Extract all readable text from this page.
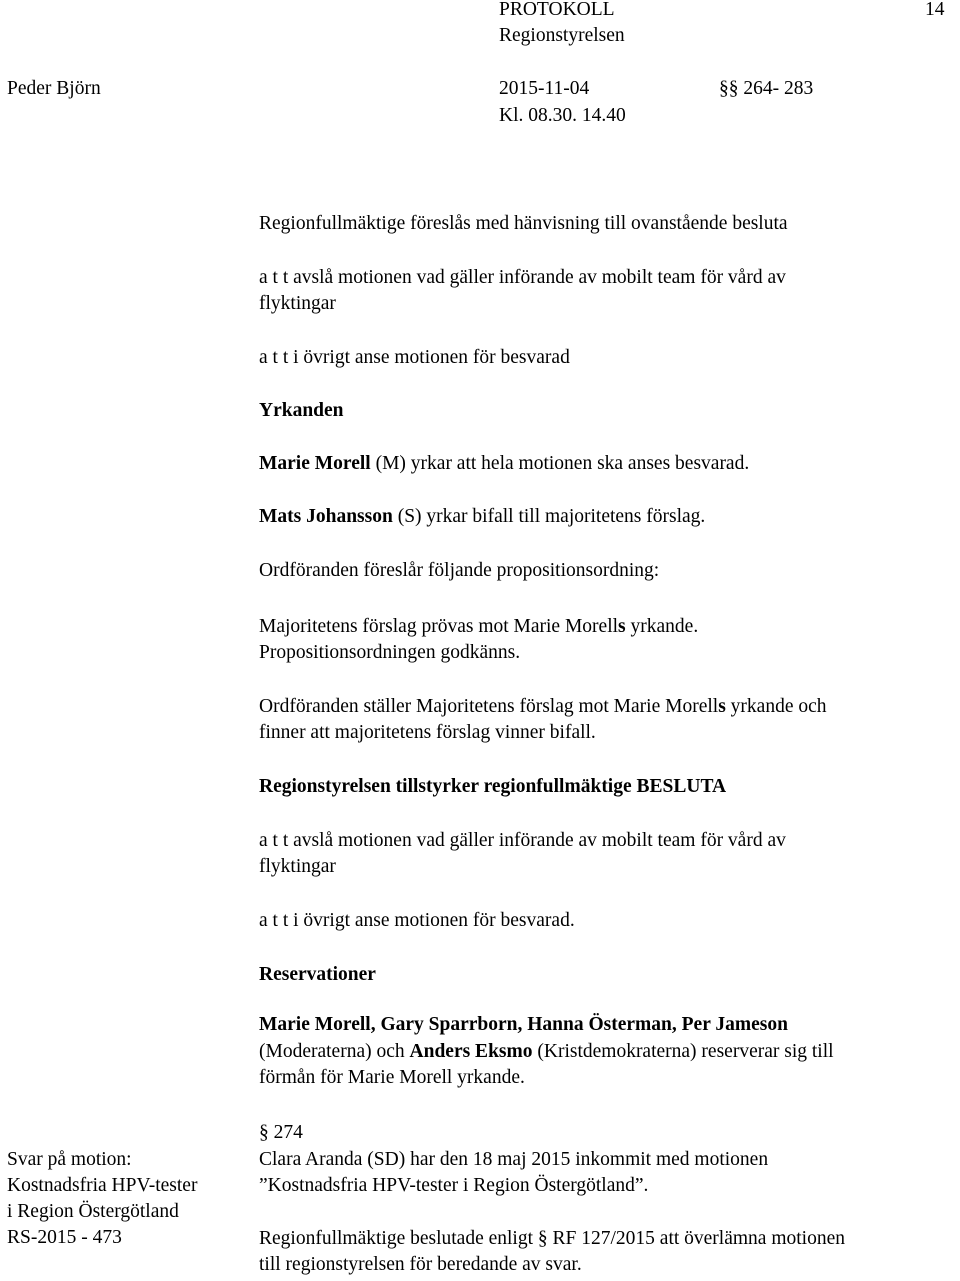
PROTOKOLL	14
Regionstyrelsen
Peder Björn	2015-11-04	§§ 264- 283
Kl. 08.30. 14.40
Regionfullmäktige föreslås med hänvisning till ovanstående besluta
a t t avslå motionen vad gäller införande av mobilt team för vård av
flyktingar
a t t i övrigt anse motionen för besvarad
Yrkanden
Marie Morell (M) yrkar att hela motionen ska anses besvarad.
Mats Johansson (S) yrkar bifall till majoritetens förslag.
Ordföranden föreslår följande propositionsordning:
Majoritetens förslag prövas mot Marie Morells yrkande.
Propositionsordningen godkänns.
Ordföranden ställer Majoritetens förslag mot Marie Morells yrkande och
finner att majoritetens förslag vinner bifall.
Regionstyrelsen tillstyrker regionfullmäktige BESLUTA
a t t avslå motionen vad gäller införande av mobilt team för vård av
flyktingar
a t t i övrigt anse motionen för besvarad.
Reservationer
Marie Morell, Gary Sparrborn, Hanna Österman, Per Jameson
(Moderaterna) och Anders Eksmo (Kristdemokraterna) reserverar sig till
förmån för Marie Morell yrkande.
§ 274
Svar på motion:
Kostnadsfria HPV-tester
i Region Östergötland
RS-2015 - 473
Clara Aranda (SD) har den 18 maj 2015 inkommit med motionen
”Kostnadsfria HPV-tester i Region Östergötland”.
Regionfullmäktige beslutade enligt § RF 127/2015 att överlämna motionen
till regionstyrelsen för beredande av svar.
